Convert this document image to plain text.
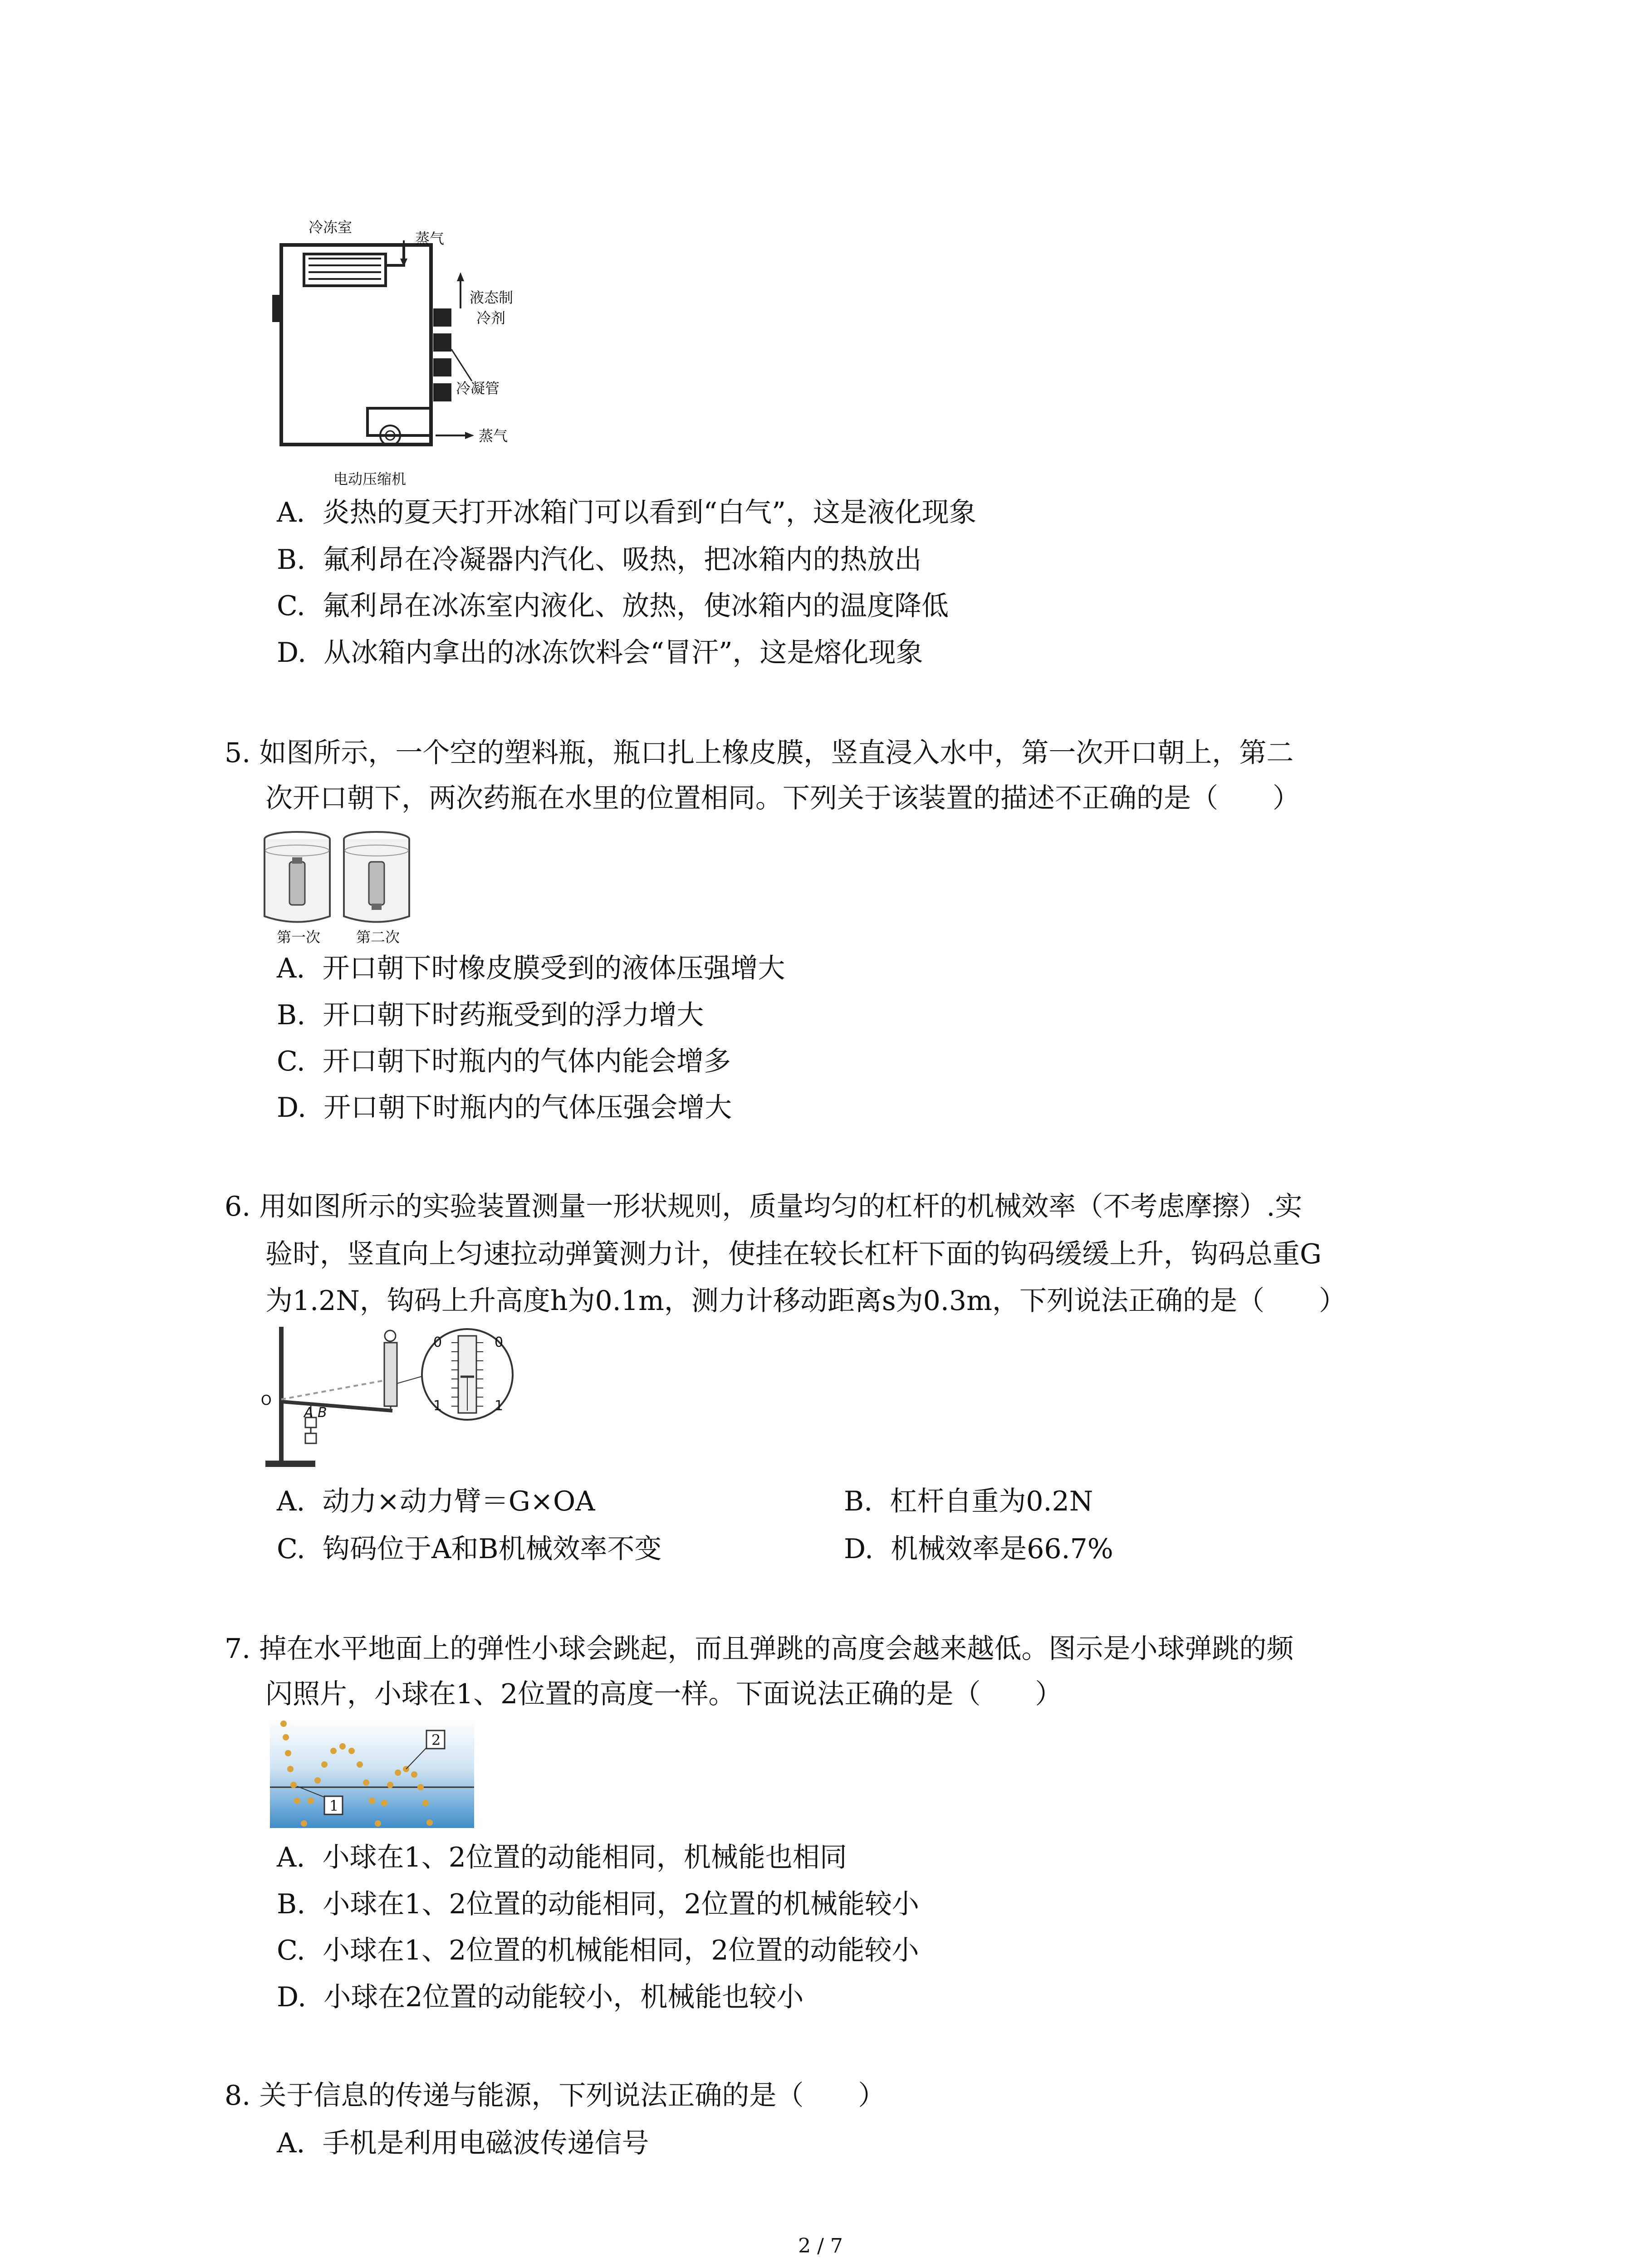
冷冻室
蒸气
液态制
冷剂
冷凝管
蒸气
电动压缩机
A. 炎热的夏天打开冰箱门可以看到“白气”，这是液化现象
B. 氟利昂在冷凝器内汽化、吸热，把冰箱内的热放出
C. 氟利昂在冰冻室内液化、放热，使冰箱内的温度降低
D. 从冰箱内拿出的冰冻饮料会“冒汗”，这是熔化现象
5. 如图所示，一个空的塑料瓶，瓶口扎上橡皮膜，竖直浸入水中，第一次开口朝上，第二
次开口朝下，两次药瓶在水里的位置相同。下列关于该装置的描述不正确的是（　　）
第一次 第二次
A. 开口朝下时橡皮膜受到的液体压强增大
B. 开口朝下时药瓶受到的浮力增大
C. 开口朝下时瓶内的气体内能会增多
D. 开口朝下时瓶内的气体压强会增大
6. 用如图所示的实验装置测量一形状规则，质量均匀的杠杆的机械效率（不考虑摩擦）.实
验时，竖直向上匀速拉动弹簧测力计，使挂在较长杠杆下面的钩码缓缓上升，钩码总重G
为1.2N，钩码上升高度h为0.1m，测力计移动距离s为0.3m，下列说法正确的是（　　）
O
A B
0	0
1	1
A. 动力×动力臂＝G×OA	B. 杠杆自重为0.2N
C. 钩码位于A和B机械效率不变	D. 机械效率是66.7%
7. 掉在水平地面上的弹性小球会跳起，而且弹跳的高度会越来越低。图示是小球弹跳的频
闪照片，小球在1、2位置的高度一样。下面说法正确的是（　　）
1
2
A. 小球在1、2位置的动能相同，机械能也相同
B. 小球在1、2位置的动能相同，2位置的机械能较小
C. 小球在1、2位置的机械能相同，2位置的动能较小
D. 小球在2位置的动能较小，机械能也较小
8. 关于信息的传递与能源，下列说法正确的是（　　）
A. 手机是利用电磁波传递信号
2 / 7
